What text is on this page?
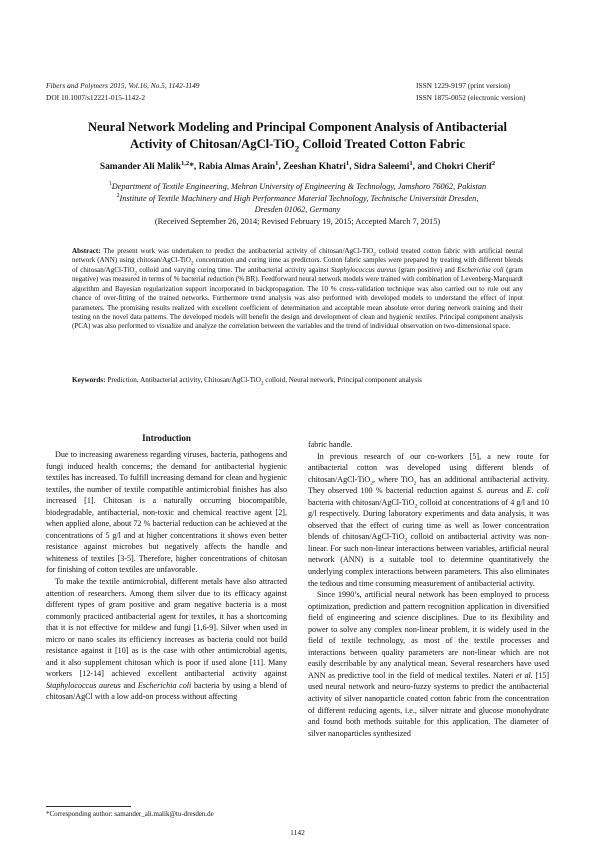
Fibers and Polymers 2015, Vol.16, No.5, 1142-1149
DOI 10.1007/s12221-015-1142-2
ISSN 1229-9197 (print version)
ISSN 1875-0052 (electronic version)
Neural Network Modeling and Principal Component Analysis of Antibacterial
Activity of Chitosan/AgCl-TiO$_2$ Colloid Treated Cotton Fabric
Samander Ali Malik$^{1,2}$*, Rabia Almas Arain$^1$, Zeeshan Khatri$^1$, Sidra Saleemi$^1$, and Chokri Cherif$^2$
$^1$Department of Textile Engineering, Mehran University of Engineering & Technology, Jamshoro 76062, Pakistan
$^2$Institute of Textile Machinery and High Performance Material Technology, Technische Universität Dresden,
Dresden 01062, Germany
(Received September 26, 2014; Revised February 19, 2015; Accepted March 7, 2015)
Abstract: The present work was undertaken to predict the antibacterial activity of chitosan/AgCl-TiO$_2$ colloid treated cotton fabric with artificial neural network (ANN) using chitosan/AgCl-TiO$_2$ concentration and curing time as predictors. Cotton fabric samples were prepared by treating with different blends of chitosan/AgCl-TiO$_2$ colloid and varying curing time. The antibacterial activity against Staphylococcus aureus (gram positive) and Escherichia coli (gram negative) was measured in terms of % bacterial reduction (% BR). Feedforward neural network models were trained with combination of Levenberg-Marquardt algorithm and Bayesian regularization support incorporated in backpropagation. The 10 % cross-validation technique was also carried out to rule out any chance of over-fitting of the trained networks. Furthermore trend analysis was also performed with developed models to understand the effect of input parameters. The promising results realized with excellent coefficient of determination and acceptable mean absolute error during network training and their testing on the novel data patterns. The developed models will benefit the design and development of clean and hygienic textiles. Principal component analysis (PCA) was also performed to visualize and analyze the correlation between the variables and the trend of individual observation on two-dimensional space.
Keywords: Prediction, Antibacterial activity, Chitosan/AgCl-TiO$_2$ colloid, Neural network, Principal component analysis
Introduction

Due to increasing awareness regarding viruses, bacteria, pathogens and fungi induced health concerns; the demand for antibacterial hygienic textiles has increased. To fulfill increasing demand for clean and hygienic textiles, the number of textile compatible antimicrobial finishes has also increased [1]. Chitosan is a naturally occurring biocompatible, biodegradable, antibacterial, non-toxic and chemical reactive agent [2], when applied alone, about 72 % bacterial reduction can be achieved at the concentrations of 5 g/l and at higher concentrations it shows even better resistance against microbes but negatively affects the handle and whiteness of textiles [3-5]. Therefore, higher concentrations of chitosan for finishing of cotton textiles are unfavorable.

To make the textile antimicrobial, different metals have also attracted attention of researchers. Among them silver due to its efficacy against different types of gram positive and gram negative bacteria is a most commonly practiced antibacterial agent for textiles, it has a shortcoming that it is not effective for mildew and fungi [1,6-9]. Silver when used in micro or nano scales its efficiency increases as bacteria could not build resistance against it [10] as is the case with other antimicrobial agents, and it also supplement chitosan which is poor if used alone [11]. Many workers [12-14] achieved excellent antibacterial activity against Staphylococcus aureus and Escherichia coli bacteria by using a blend of chitosan/AgCl with a low add-on process without affecting

fabric handle.

In previous research of our co-workers [5], a new route for antibacterial cotton was developed using different blends of chitosan/AgCl-TiO$_2$, where TiO$_2$ has an additional antibacterial activity. They observed 100 % bacterial reduction against S. aureus and E. coli bacteria with chitosan/AgCl-TiO$_2$ colloid at concentrations of 4 g/l and 10 g/l respectively. During laboratory experiments and data analysis, it was observed that the effect of curing time as well as lower concentration blends of chitosan/AgCl-TiO$_2$ colloid on antibacterial activity was non-linear. For such non-linear interactions between variables, artificial neural network (ANN) is a suitable tool to determine quantitatively the underlying complex interactions between parameters. This also eliminates the tedious and time consuming measurement of antibacterial activity.

Since 1990’s, artificial neural network has been employed to process optimization, prediction and pattern recognition application in diversified field of engineering and science disciplines. Due to its flexibility and power to solve any complex non-linear problem, it is widely used in the field of textile technology, as most of the textile processes and interactions between quality parameters are non-linear which are not easily describable by any analytical mean. Several researchers have used ANN as predictive tool in the field of medical textiles. Nateri et al. [15] used neural network and neuro-fuzzy systems to predict the antibacterial activity of silver nanoparticle coated cotton fabric from the concentration of different reducing agents, i.e., silver nitrate and glucose monohydrate and found both methods suitable for this application. The diameter of silver nanoparticles synthesized

*Corresponding author: samander_ali.malik@tu-dresden.de
1142
